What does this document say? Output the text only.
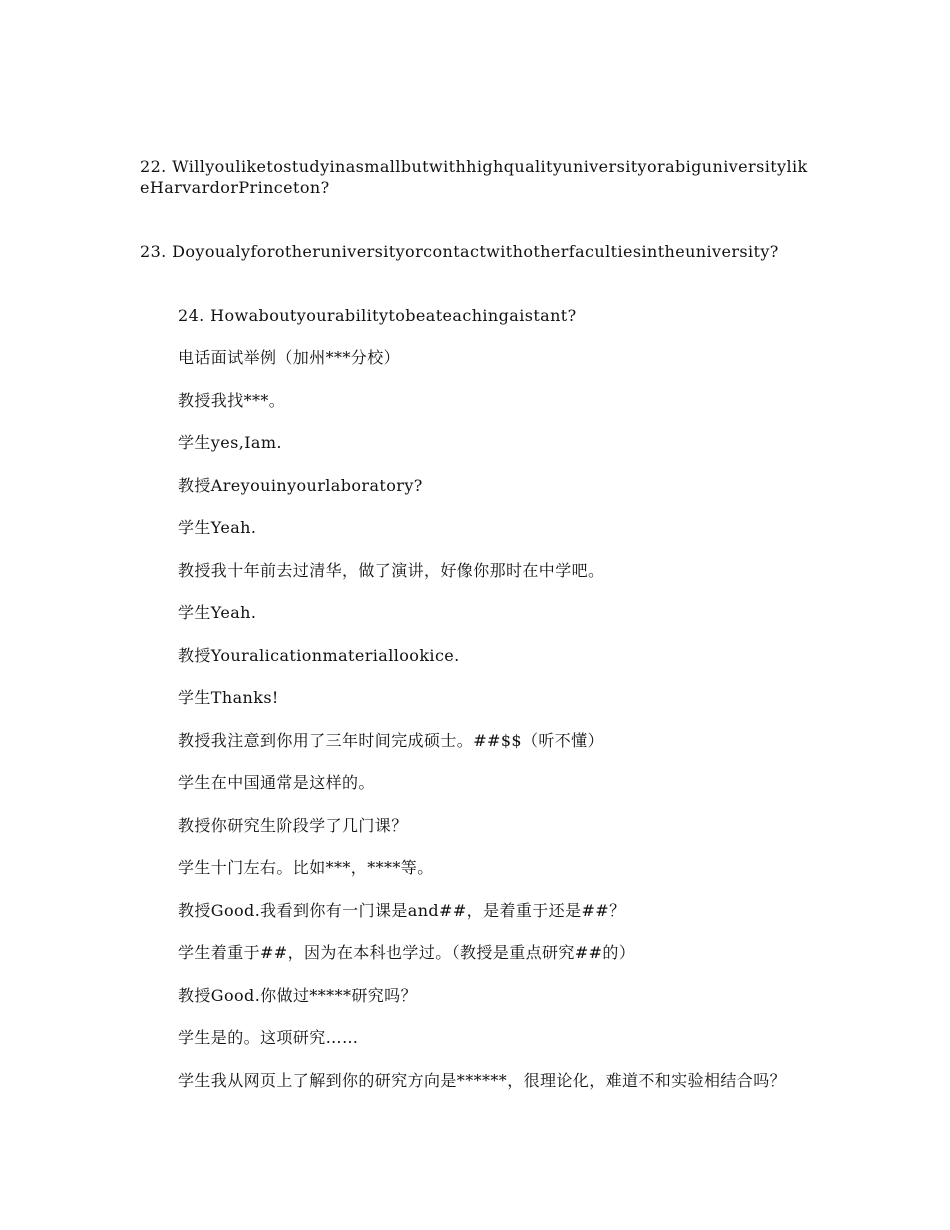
22. WillyouliketostudyinasmallbutwithhighqualityuniversityorabiguniversitylikeHarvardorPrinceton?

23. Doyoualyforotheruniversityorcontactwithotherfacultiesintheuniversity?

24. Howaboutyourabilitytobeateachingaistant?

电话面试举例（加州***分校）

教授我找***。

学生yes,Iam.

教授Areyouinyourlaboratory?

学生Yeah.

教授我十年前去过清华，做了演讲，好像你那时在中学吧。

学生Yeah.

教授Youralicationmateriallookice.

学生Thanks!

教授我注意到你用了三年时间完成硕士。##$$（听不懂）

学生在中国通常是这样的。

教授你研究生阶段学了几门课？

学生十门左右。比如***，****等。

教授Good.我看到你有一门课是and##，是着重于还是##？

学生着重于##，因为在本科也学过。（教授是重点研究##的）

教授Good.你做过*****研究吗？

学生是的。这项研究……

学生我从网页上了解到你的研究方向是******，很理论化，难道不和实验相结合吗？
